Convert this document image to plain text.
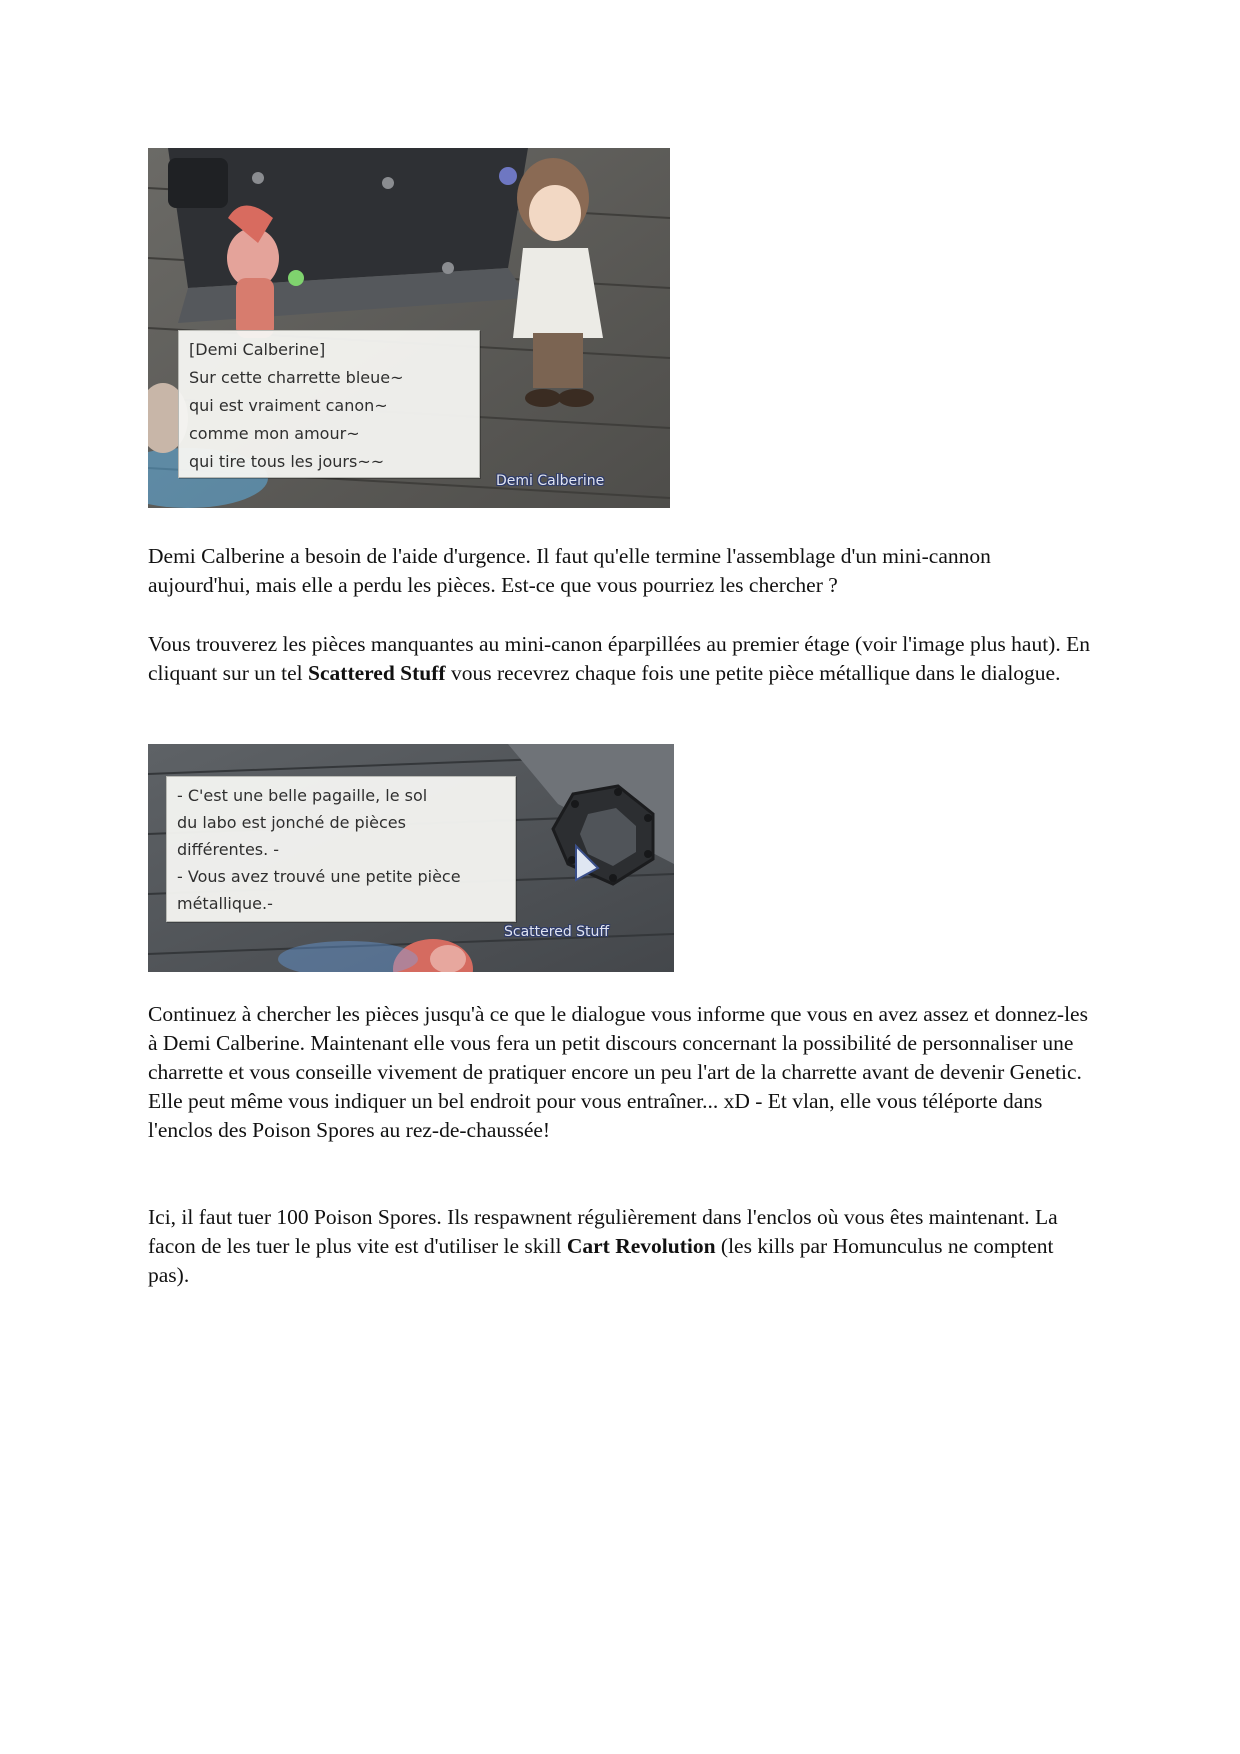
[Demi Calberine]
Sur cette charrette bleue~
qui est vraiment canon~
comme mon amour~
qui tire tous les jours~~
Demi Calberine

Demi Calberine a besoin de l'aide d'urgence. Il faut qu'elle termine l'assemblage d'un mini-cannon aujourd'hui, mais elle a perdu les pièces. Est-ce que vous pourriez les chercher ?

Vous trouverez les pièces manquantes au mini-canon éparpillées au premier étage (voir l'image plus haut). En cliquant sur un tel Scattered Stuff vous recevrez chaque fois une petite pièce métallique dans le dialogue.

- C'est une belle pagaille, le sol
du labo est jonché de pièces
différentes. -
- Vous avez trouvé une petite pièce
métallique.-
Scattered Stuff

Continuez à chercher les pièces jusqu'à ce que le dialogue vous informe que vous en avez assez et donnez-les à Demi Calberine. Maintenant elle vous fera un petit discours concernant la possibilité de personnaliser une charrette et vous conseille vivement de pratiquer encore un peu l'art de la charrette avant de devenir Genetic. Elle peut même vous indiquer un bel endroit pour vous entraîner... xD - Et vlan, elle vous téléporte dans l'enclos des Poison Spores au rez-de-chaussée!

Ici, il faut tuer 100 Poison Spores. Ils respawnent régulièrement dans l'enclos où vous êtes maintenant. La facon de les tuer le plus vite est d'utiliser le skill Cart Revolution (les kills par Homunculus ne comptent pas).
